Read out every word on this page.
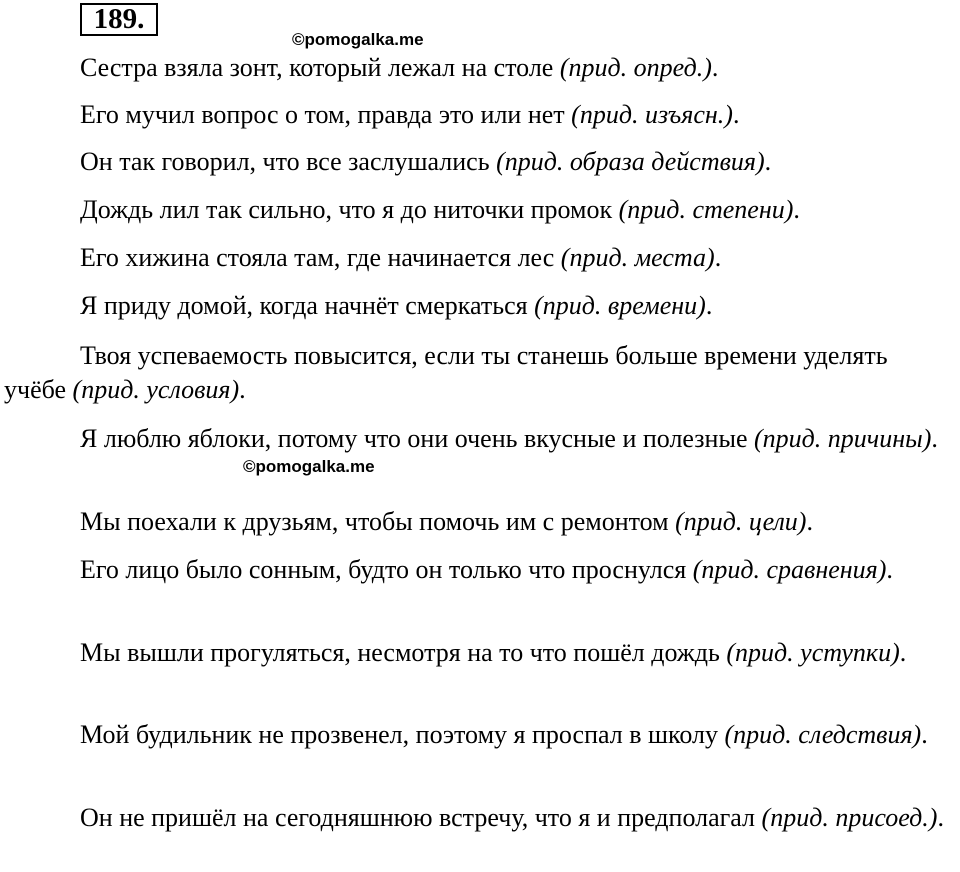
189.
©pomogalka.me
©pomogalka.me

Сестра взяла зонт, который лежал на столе (прид. опред.).

Его мучил вопрос о том, правда это или нет (прид. изъясн.).

Он так говорил, что все заслушались (прид. образа действия).

Дождь лил так сильно, что я до ниточки промок (прид. степени).

Его хижина стояла там, где начинается лес (прид. места).

Я приду домой, когда начнёт смеркаться (прид. времени).

Твоя успеваемость повысится, если ты станешь больше времени уделять учёбе (прид. условия).

Я люблю яблоки, потому что они очень вкусные и полезные (прид. причины).

Мы поехали к друзьям, чтобы помочь им с ремонтом (прид. цели).

Его лицо было сонным, будто он только что проснулся (прид. сравнения).

Мы вышли прогуляться, несмотря на то что пошёл дождь (прид. уступки).

Мой будильник не прозвенел, поэтому я проспал в школу (прид. следствия).

Он не пришёл на сегодняшнюю встречу, что я и предполагал (прид. присоед.).
